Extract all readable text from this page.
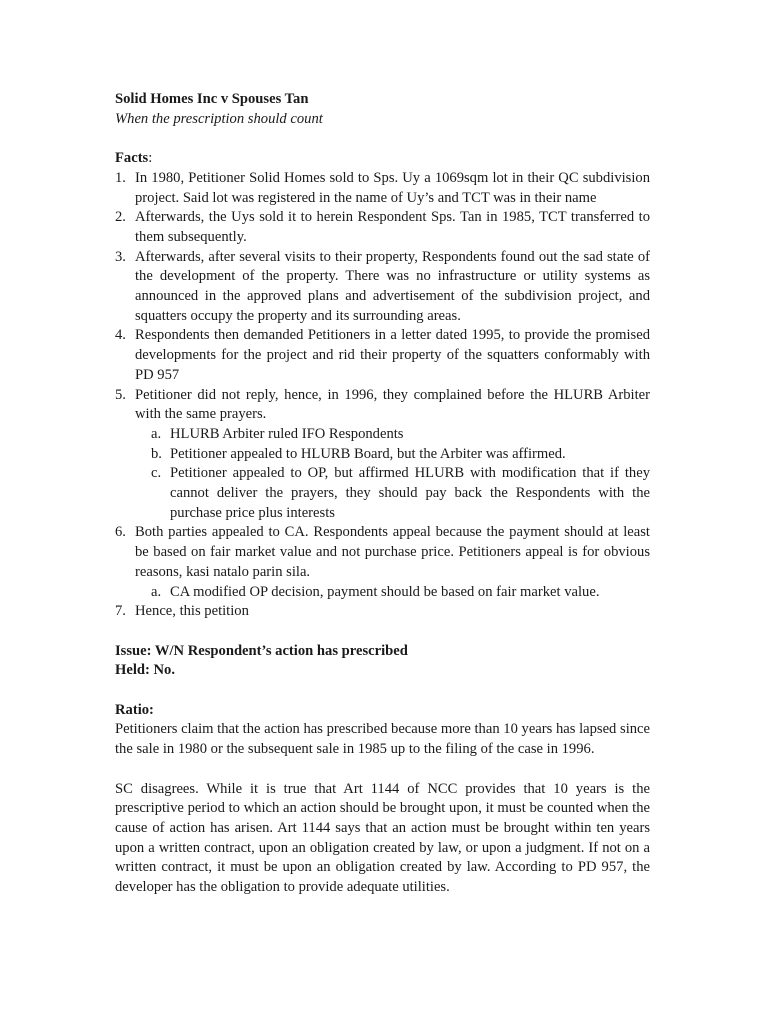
Solid Homes Inc v Spouses Tan

When the prescription should count

Facts:

1. In 1980, Petitioner Solid Homes sold to Sps. Uy a 1069sqm lot in their QC subdivision project. Said lot was registered in the name of Uy’s and TCT was in their name
2. Afterwards, the Uys sold it to herein Respondent Sps. Tan in 1985, TCT transferred to them subsequently.
3. Afterwards, after several visits to their property, Respondents found out the sad state of the development of the property. There was no infrastructure or utility systems as announced in the approved plans and advertisement of the subdivision project, and squatters occupy the property and its surrounding areas.
4. Respondents then demanded Petitioners in a letter dated 1995, to provide the promised developments for the project and rid their property of the squatters conformably with PD 957
5. Petitioner did not reply, hence, in 1996, they complained before the HLURB Arbiter with the same prayers.
a. HLURB Arbiter ruled IFO Respondents
b. Petitioner appealed to HLURB Board, but the Arbiter was affirmed.
c. Petitioner appealed to OP, but affirmed HLURB with modification that if they cannot deliver the prayers, they should pay back the Respondents with the purchase price plus interests
6. Both parties appealed to CA. Respondents appeal because the payment should at least be based on fair market value and not purchase price. Petitioners appeal is for obvious reasons, kasi natalo parin sila.
a. CA modified OP decision, payment should be based on fair market value.
7. Hence, this petition

Issue: W/N Respondent’s action has prescribed

Held: No.

Ratio:

Petitioners claim that the action has prescribed because more than 10 years has lapsed since the sale in 1980 or the subsequent sale in 1985 up to the filing of the case in 1996.

SC disagrees. While it is true that Art 1144 of NCC provides that 10 years is the prescriptive period to which an action should be brought upon, it must be counted when the cause of action has arisen. Art 1144 says that an action must be brought within ten years upon a written contract, upon an obligation created by law, or upon a judgment. If not on a written contract, it must be upon an obligation created by law. According to PD 957, the developer has the obligation to provide adequate utilities.
